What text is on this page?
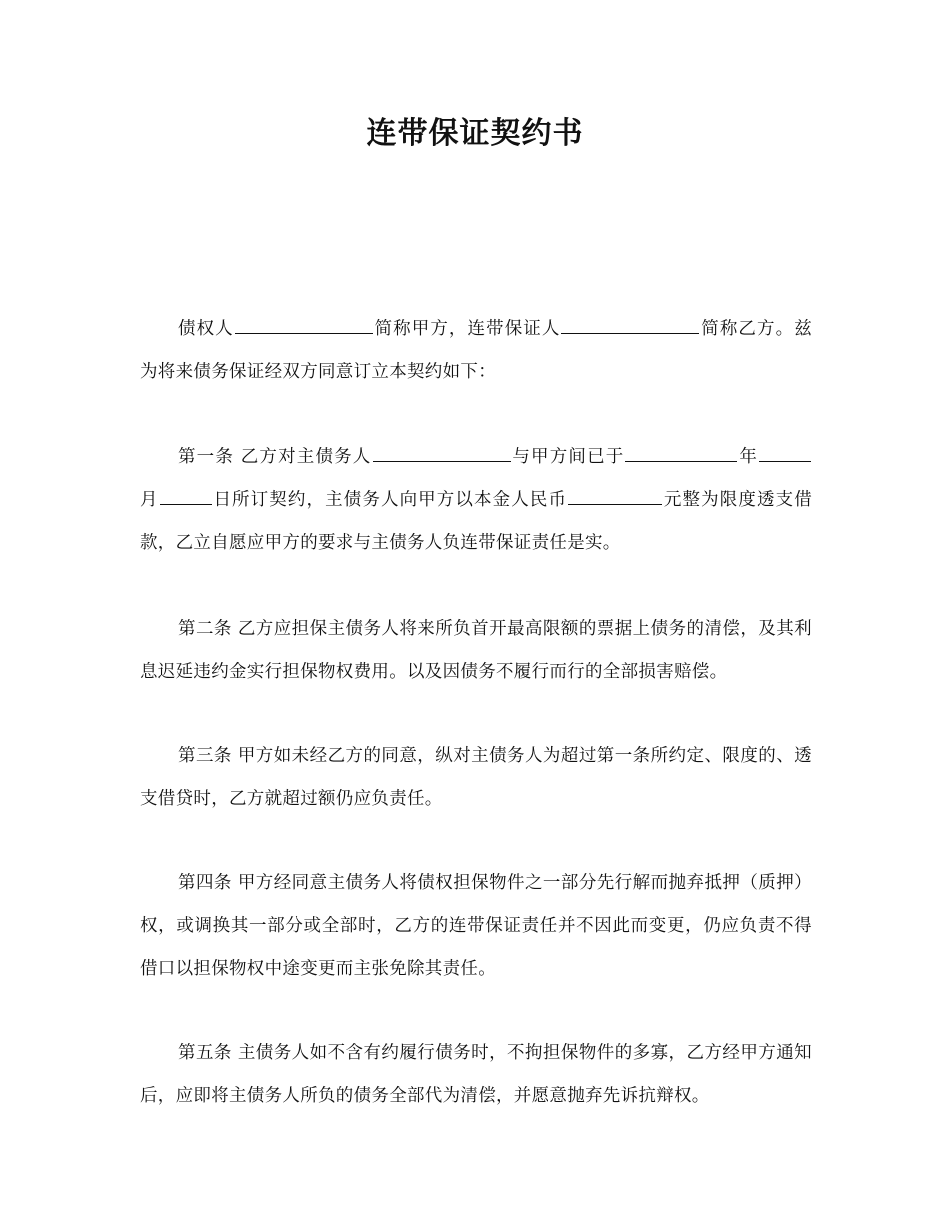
连带保证契约书

债权人	简称甲方，连带保证人	简称乙方。兹为将来债务保证经双方同意订立本契约如下：

第一条 乙方对主债务人	与甲方间已于	年月	日所订契约，主债务人向甲方以本金人民币	元整为限度透支借款，乙立自愿应甲方的要求与主债务人负连带保证责任是实。

第二条 乙方应担保主债务人将来所负首开最高限额的票据上债务的清偿，及其利息迟延违约金实行担保物权费用。以及因债务不履行而行的全部损害赔偿。

第三条 甲方如未经乙方的同意，纵对主债务人为超过第一条所约定、限度的、透支借贷时，乙方就超过额仍应负责任。

第四条 甲方经同意主债务人将债权担保物件之一部分先行解而抛弃抵押（质押）权，或调换其一部分或全部时，乙方的连带保证责任并不因此而变更，仍应负责不得借口以担保物权中途变更而主张免除其责任。

第五条 主债务人如不含有约履行债务时，不拘担保物件的多寡，乙方经甲方通知后，应即将主债务人所负的债务全部代为清偿，并愿意抛弃先诉抗辩权。
